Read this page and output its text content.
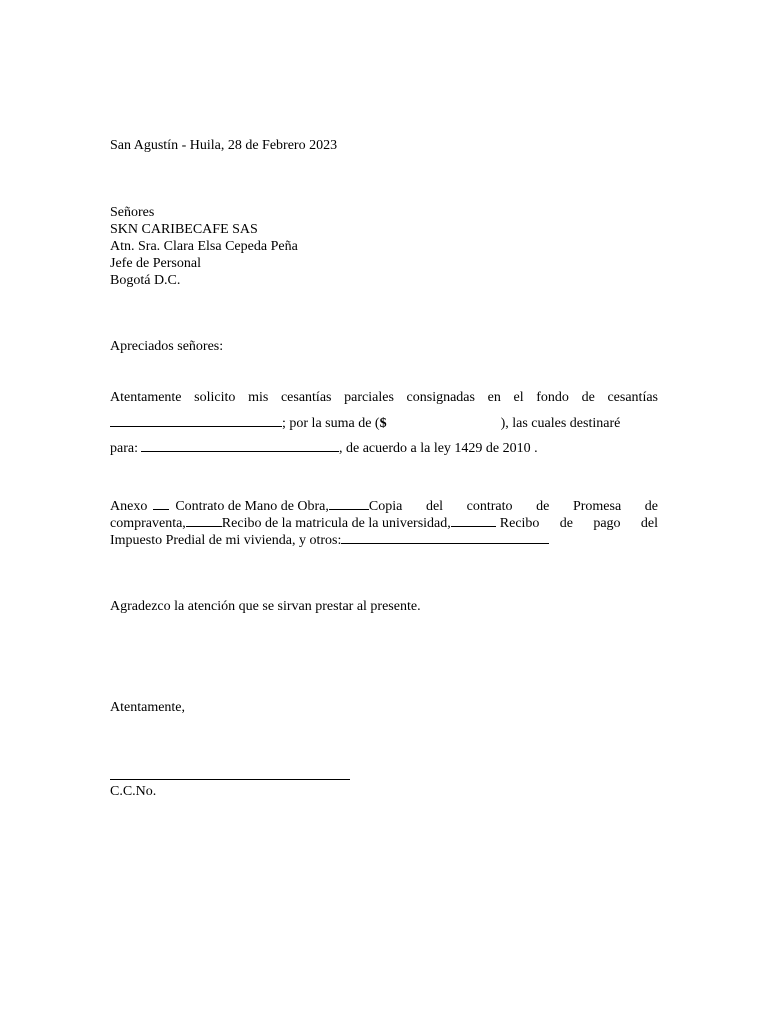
San Agustín - Huila, 28 de Febrero 2023
Señores
SKN CARIBECAFE SAS
Atn. Sra. Clara Elsa Cepeda Peña
Jefe de Personal
Bogotá D.C.
Apreciados señores:
Atentamente solicito mis cesantías parciales consignadas en el fondo de cesantías
; por la suma de ( $	), las cuales destinaré
para:	, de acuerdo a la ley 1429 de 2010 .
Anexo Contrato de Mano de Obra,	Copia del contrato de Promesa de
compraventa,	Recibo de la matricula de la universidad,	Recibo de pago del
Impuesto Predial de mi vivienda, y otros:
Agradezco la atención que se sirvan prestar al presente.
Atentamente,
C.C.No.
